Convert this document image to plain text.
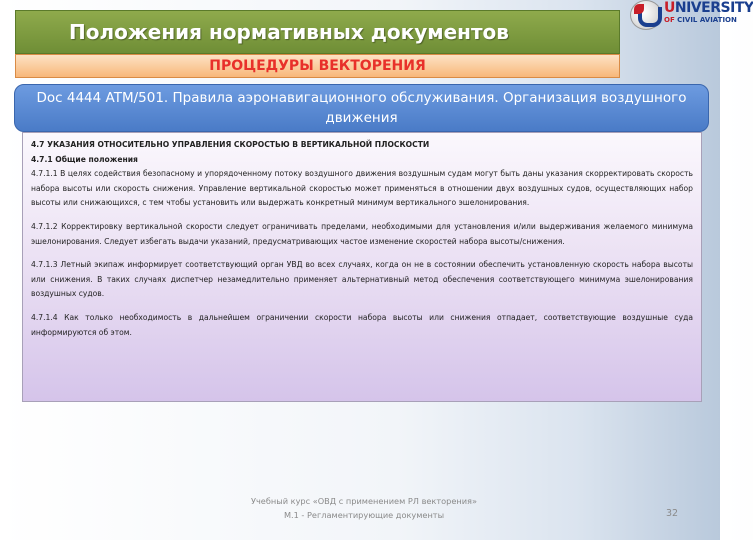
Положения нормативных документов
UNIVERSITY
OF CIVIL AVIATION
ПРОЦЕДУРЫ ВЕКТОРЕНИЯ
Doc 4444 ATM/501. Правила аэронавигационного обслуживания. Организация воздушного движения
4.7 УКАЗАНИЯ ОТНОСИТЕЛЬНО УПРАВЛЕНИЯ СКОРОСТЬЮ В ВЕРТИКАЛЬНОЙ ПЛОСКОСТИ
4.7.1 Общие положения
4.7.1.1 В целях содействия безопасному и упорядоченному потоку воздушного движения воздушным судам могут быть даны указания скорректировать скорость набора высоты или скорость снижения. Управление вертикальной скоростью может применяться в отношении двух воздушных судов, осуществляющих набор высоты или снижающихся, с тем чтобы установить или выдержать конкретный минимум вертикального эшелонирования.
4.7.1.2 Корректировку вертикальной скорости следует ограничивать пределами, необходимыми для установления и/или выдерживания желаемого минимума эшелонирования. Следует избегать выдачи указаний, предусматривающих частое изменение скоростей набора высоты/снижения.
4.7.1.3 Летный экипаж информирует соответствующий орган УВД во всех случаях, когда он не в состоянии обеспечить установленную скорость набора высоты или снижения. В таких случаях диспетчер незамедлительно применяет альтернативный метод обеспечения соответствующего минимума эшелонирования воздушных судов.
4.7.1.4 Как только необходимость в дальнейшем ограничении скорости набора высоты или снижения отпадает, соответствующие воздушные суда информируются об этом.
Учебный курс «ОВД с применением РЛ векторения» М.1 - Регламентирующие документы	32
